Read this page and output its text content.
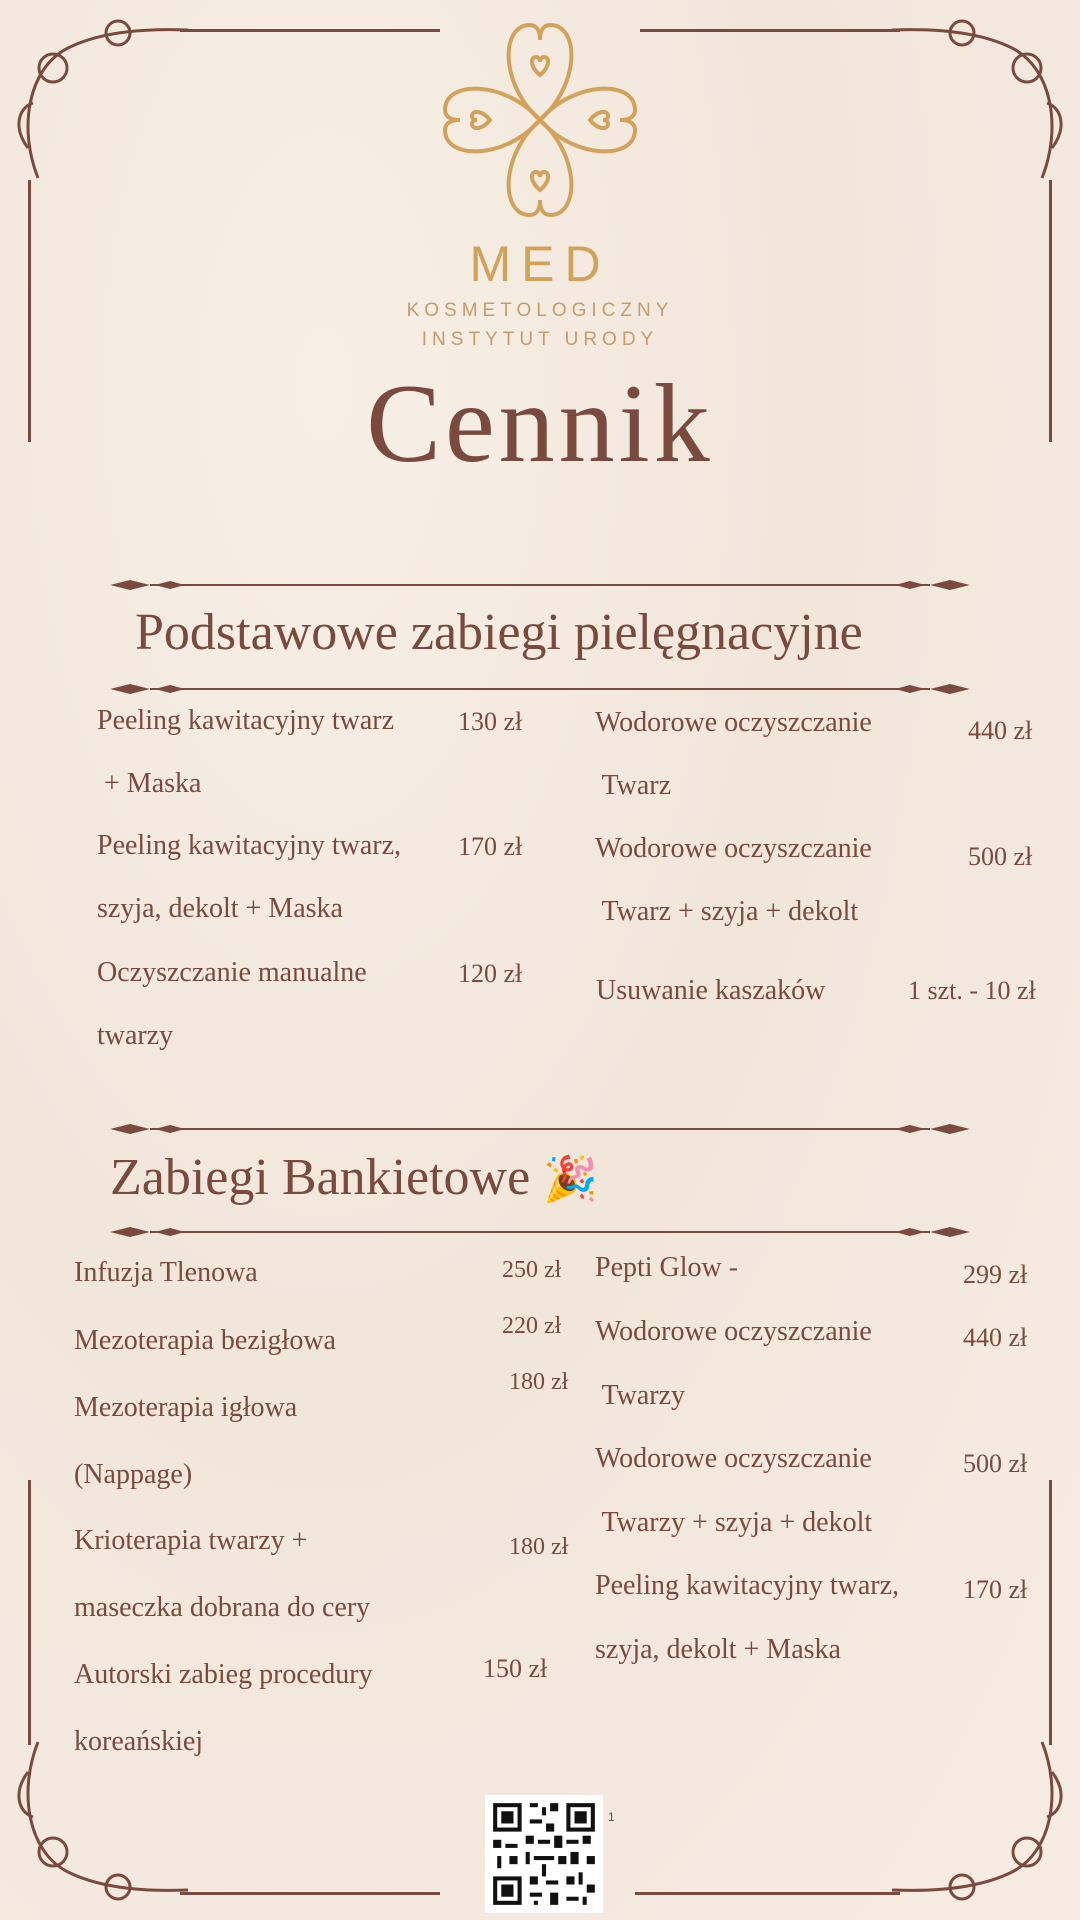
MED
KOSMETOLOGICZNY
INSTYTUT URODY
Cennik
Podstawowe zabiegi pielęgnacyjne
Peeling kawitacyjny twarz
+ Maska
130 zł
Peeling kawitacyjny twarz,
szyja, dekolt + Maska
170 zł
Oczyszczanie manualne
twarzy
120 zł
Wodorowe oczyszczanie
Twarz
440 zł
Wodorowe oczyszczanie
Twarz + szyja + dekolt
500 zł
Usuwanie kaszaków	1 szt. - 10 zł
Zabiegi Bankietowe 🎉
Infuzja Tlenowa	250 zł
Mezoterapia bezigłowa	220 zł
Mezoterapia igłowa
(Nappage)
180 zł
Krioterapia twarzy +
maseczka dobrana do cery
180 zł
Autorski zabieg procedury
koreańskiej
150 zł
Pepti Glow -	299 zł
Wodorowe oczyszczanie
Twarzy
440 zł
Wodorowe oczyszczanie
Twarzy + szyja + dekolt
500 zł
Peeling kawitacyjny twarz,
szyja, dekolt + Maska
170 zł
1
